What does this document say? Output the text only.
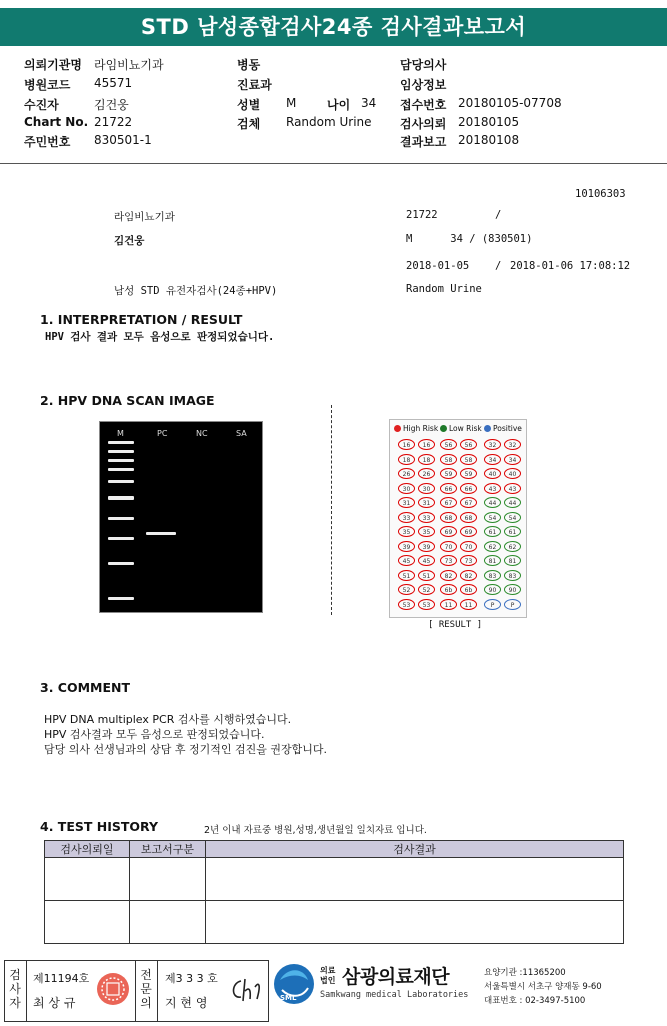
STD 남성종합검사24종 검사결과보고서
의뢰기관명 라임비뇨기과
병원코드 45571
수진자	김건웅
Chart No. 21722
주민번호 830501-1
병동
진료과
성별 M	나이 34
검체 Random Urine
담당의사
임상정보
접수번호 20180105-07708
검사의뢰 20180105
결과보고 20180108
10106303
라임비뇨기과	21722	/
김건웅	M      34 / (830501)
2018-01-05 / 2018-01-06 17:08:12
남성 STD 유전자검사(24종+HPV)	Random Urine
1. INTERPRETATION / RESULT
HPV 검사 결과 모두 음성으로 판정되었습니다.
2. HPV DNA SCAN IMAGE
M	PC	NC	SA
High Risk	Low Risk	Positive
16	16	56	56	32	32
18	18	58	58	34	34
26	26	59	59	40	40
30	30	66	66	43	43
31	31	67	67	44	44
33	33	68	68	54	54
35	35	69	69	61	61
39	39	70	70	62	62
45	45	73	73	81	81
51	51	82	82	83	83
52	52	6b	6b	90	90
53	53	11	11	P	P
[ RESULT ]
3. COMMENT
HPV DNA multiplex PCR 검사를 시행하였습니다.
HPV 검사결과 모두 음성으로 판정되었습니다.
담당 의사 선생님과의 상담 후 정기적인 검진을 권장합니다.
4. TEST HISTORY	2년 이내 자료중 병원,성명,생년월일 일치자료 입니다.
검사의뢰일	보고서구분	검사결과

검
사
자
제11194호
최 상 규
전
문
의
제3 3 3 호
지 현 영	SML
의료
법인 삼광의료재단
Samkwang medical Laboratories
요양기관 :11365200
서울특별시 서초구 양재동 9-60
대표번호 : 02-3497-5100
